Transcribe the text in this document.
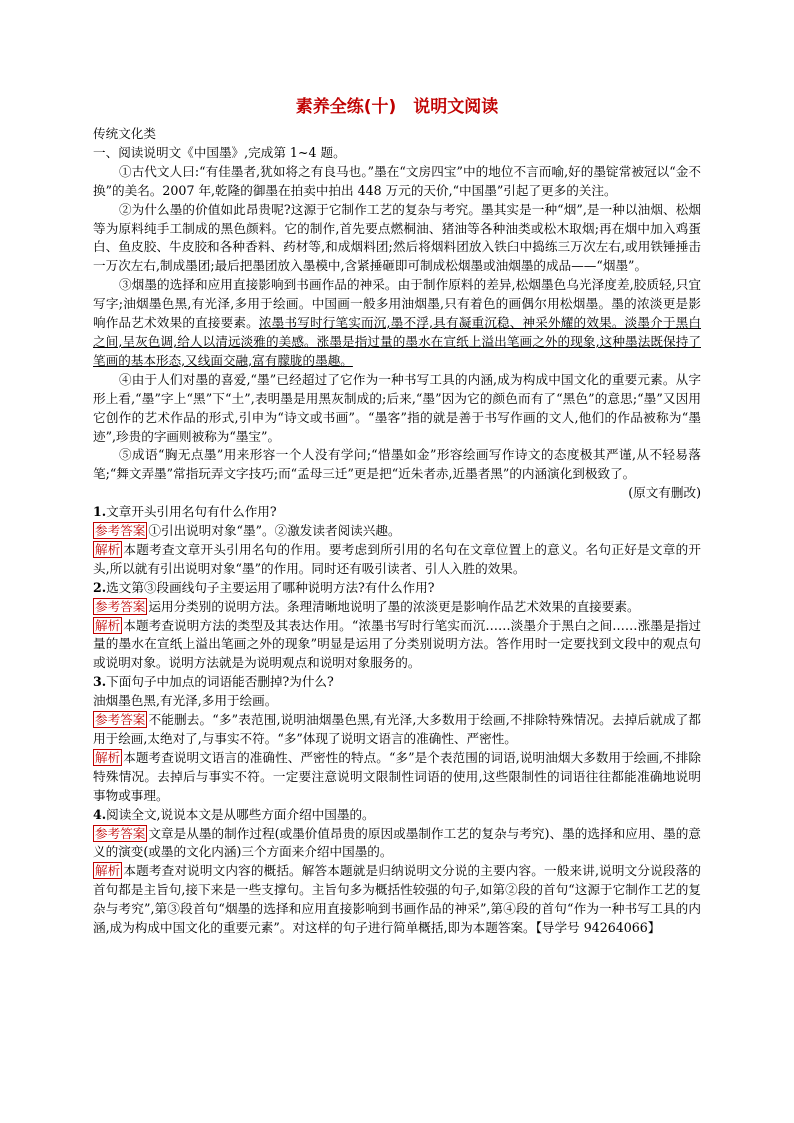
素养全练(十)　说明文阅读

传统文化类

一、阅读说明文《中国墨》,完成第 1~4 题。

①古代文人曰:“有佳墨者,犹如将之有良马也。”墨在“文房四宝”中的地位不言而喻,好的墨锭常被冠以“金不换”的美名。2007 年,乾隆的御墨在拍卖中拍出 448 万元的天价,“中国墨”引起了更多的关注。

②为什么墨的价值如此昂贵呢?这源于它制作工艺的复杂与考究。墨其实是一种“烟”,是一种以油烟、松烟等为原料纯手工制成的黑色颜料。它的制作,首先要点燃桐油、猪油等各种油类或松木取烟;再在烟中加入鸡蛋白、鱼皮胶、牛皮胶和各种香料、药材等,和成烟料团;然后将烟料团放入铁臼中捣练三万次左右,或用铁锤捶击一万次左右,制成墨团;最后把墨团放入墨模中,含紧捶砸即可制成松烟墨或油烟墨的成品——“烟墨”。

③烟墨的选择和应用直接影响到书画作品的神采。由于制作原料的差异,松烟墨色乌光泽度差,胶质轻,只宜写字;油烟墨色黑,有光泽,多用于绘画。中国画一般多用油烟墨,只有着色的画偶尔用松烟墨。墨的浓淡更是影响作品艺术效果的直接要素。浓墨书写时行笔实而沉,墨不浮,具有凝重沉稳、神采外耀的效果。淡墨介于黑白之间,呈灰色调,给人以清远淡雅的美感。涨墨是指过量的墨水在宣纸上溢出笔画之外的现象,这种墨法既保持了笔画的基本形态,又线面交融,富有朦胧的墨趣。

④由于人们对墨的喜爱,“墨”已经超过了它作为一种书写工具的内涵,成为构成中国文化的重要元素。从字形上看,“墨”字上“黑”下“土”,表明墨是用黑灰制成的;后来,“墨”因为它的颜色而有了“黑色”的意思;“墨”又因用它创作的艺术作品的形式,引申为“诗文或书画”。“墨客”指的就是善于书写作画的文人,他们的作品被称为“墨迹”,珍贵的字画则被称为“墨宝”。

⑤成语“胸无点墨”用来形容一个人没有学问;“惜墨如金”形容绘画写作诗文的态度极其严谨,从不轻易落笔;“舞文弄墨”常指玩弄文字技巧;而“孟母三迁”更是把“近朱者赤,近墨者黑”的内涵演化到极致了。

(原文有删改)

1.文章开头引用名句有什么作用?

参考答案 ①引出说明对象“墨”。②激发读者阅读兴趣。

解析 本题考查文章开头引用名句的作用。要考虑到所引用的名句在文章位置上的意义。名句正好是文章的开头,所以就有引出说明对象“墨”的作用。同时还有吸引读者、引人入胜的效果。

2.选文第③段画线句子主要运用了哪种说明方法?有什么作用?

参考答案 运用分类别的说明方法。条理清晰地说明了墨的浓淡更是影响作品艺术效果的直接要素。

解析 本题考查说明方法的类型及其表达作用。“浓墨书写时行笔实而沉……淡墨介于黑白之间……涨墨是指过量的墨水在宣纸上溢出笔画之外的现象”明显是运用了分类别说明方法。答作用时一定要找到文段中的观点句或说明对象。说明方法就是为说明观点和说明对象服务的。

3.下面句子中加点的词语能否删掉?为什么?

油烟墨色黑,有光泽,多用于绘画。

参考答案 不能删去。“多”表范围,说明油烟墨色黑,有光泽,大多数用于绘画,不排除特殊情况。去掉后就成了都用于绘画,太绝对了,与事实不符。“多”体现了说明文语言的准确性、严密性。

解析 本题考查说明文语言的准确性、严密性的特点。“多”是个表范围的词语,说明油烟大多数用于绘画,不排除特殊情况。去掉后与事实不符。一定要注意说明文限制性词语的使用,这些限制性的词语往往都能准确地说明事物或事理。

4.阅读全文,说说本文是从哪些方面介绍中国墨的。

参考答案 文章是从墨的制作过程(或墨价值昂贵的原因或墨制作工艺的复杂与考究)、墨的选择和应用、墨的意义的演变(或墨的文化内涵)三个方面来介绍中国墨的。

解析 本题考查对说明文内容的概括。解答本题就是归纳说明文分说的主要内容。一般来讲,说明文分说段落的首句都是主旨句,接下来是一些支撑句。主旨句多为概括性较强的句子,如第②段的首句“这源于它制作工艺的复杂与考究”,第③段首句“烟墨的选择和应用直接影响到书画作品的神采”,第④段的首句“作为一种书写工具的内涵,成为构成中国文化的重要元素”。对这样的句子进行简单概括,即为本题答案。【导学号 94264066】
